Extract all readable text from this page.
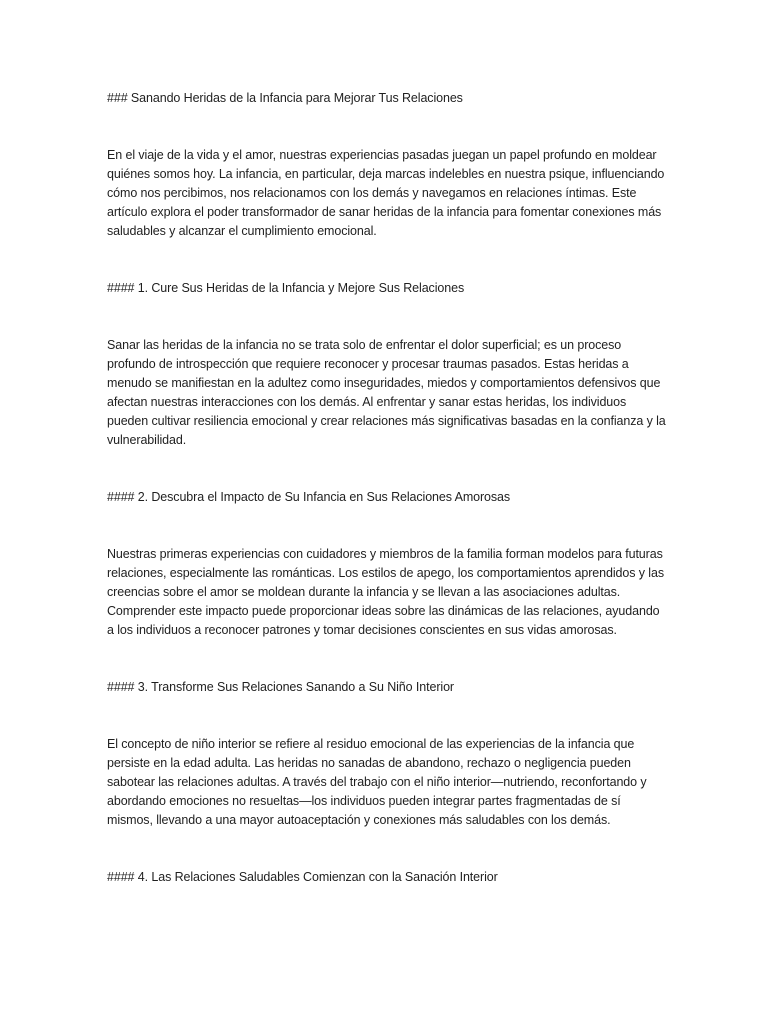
### Sanando Heridas de la Infancia para Mejorar Tus Relaciones

En el viaje de la vida y el amor, nuestras experiencias pasadas juegan un papel profundo en moldear quiénes somos hoy. La infancia, en particular, deja marcas indelebles en nuestra psique, influenciando cómo nos percibimos, nos relacionamos con los demás y navegamos en relaciones íntimas. Este artículo explora el poder transformador de sanar heridas de la infancia para fomentar conexiones más saludables y alcanzar el cumplimiento emocional.

#### 1. Cure Sus Heridas de la Infancia y Mejore Sus Relaciones

Sanar las heridas de la infancia no se trata solo de enfrentar el dolor superficial; es un proceso profundo de introspección que requiere reconocer y procesar traumas pasados. Estas heridas a menudo se manifiestan en la adultez como inseguridades, miedos y comportamientos defensivos que afectan nuestras interacciones con los demás. Al enfrentar y sanar estas heridas, los individuos pueden cultivar resiliencia emocional y crear relaciones más significativas basadas en la confianza y la vulnerabilidad.

#### 2. Descubra el Impacto de Su Infancia en Sus Relaciones Amorosas

Nuestras primeras experiencias con cuidadores y miembros de la familia forman modelos para futuras relaciones, especialmente las románticas. Los estilos de apego, los comportamientos aprendidos y las creencias sobre el amor se moldean durante la infancia y se llevan a las asociaciones adultas. Comprender este impacto puede proporcionar ideas sobre las dinámicas de las relaciones, ayudando a los individuos a reconocer patrones y tomar decisiones conscientes en sus vidas amorosas.

#### 3. Transforme Sus Relaciones Sanando a Su Niño Interior

El concepto de niño interior se refiere al residuo emocional de las experiencias de la infancia que persiste en la edad adulta. Las heridas no sanadas de abandono, rechazo o negligencia pueden sabotear las relaciones adultas. A través del trabajo con el niño interior—nutriendo, reconfortando y abordando emociones no resueltas—los individuos pueden integrar partes fragmentadas de sí mismos, llevando a una mayor autoaceptación y conexiones más saludables con los demás.

#### 4. Las Relaciones Saludables Comienzan con la Sanación Interior
